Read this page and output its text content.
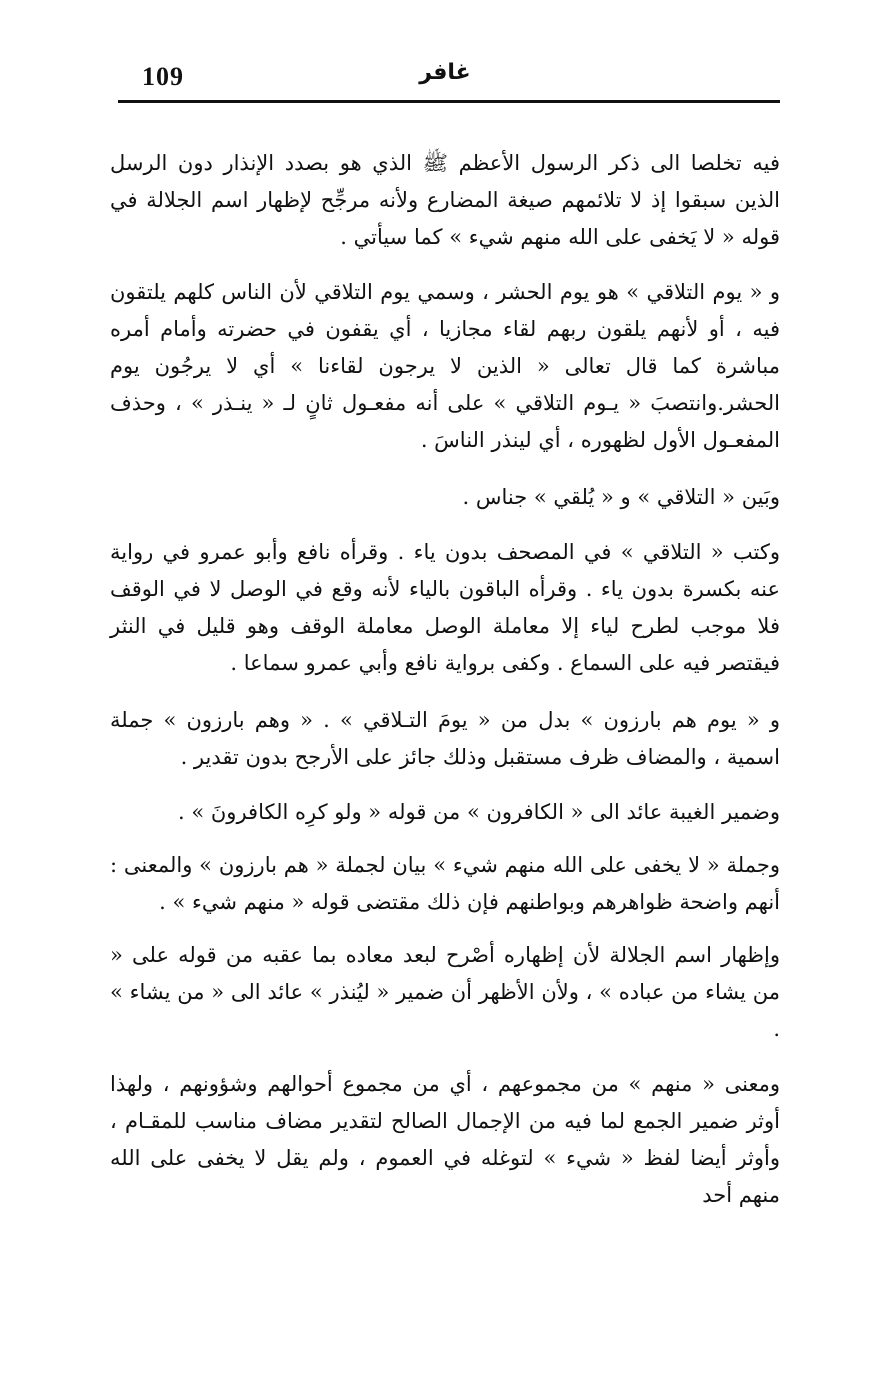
109	غافر

فيه تخلصا الى ذكر الرسول الأعظم ﷺ الذي هو بصدد الإنذار دون الرسل الذين سبقوا إذ لا تلائمهم صيغة المضارع ولأنه مرجِّح لإظهار اسم الجلالة في قوله « لا يَخفى على الله منهم شيء » كما سيأتي .

و « يوم التلاقي » هو يوم الحشر ، وسمي يوم التلاقي لأن الناس كلهم يلتقون فيه ، أو لأنهم يلقون ربهم لقاء مجازيا ، أي يقفون في حضرته وأمام أمره مباشرة كما قال تعالى « الذين لا يرجون لقاءنا » أي لا يرجُون يوم الحشر.وانتصبَ « يـوم التلاقي » على أنه مفعـول ثانٍ لـ « ينـذر » ، وحذف المفعـول الأول لظهوره ، أي لينذر الناسَ .

وبَين « التلاقي » و « يُلقي » جناس .

وكتب « التلاقي » في المصحف بدون ياء . وقرأه نافع وأبو عمرو في رواية عنه بكسرة بدون ياء . وقرأه الباقون بالياء لأنه وقع في الوصل لا في الوقف فلا موجب لطرح لياء إلا معاملة الوصل معاملة الوقف وهو قليل في النثر فيقتصر فيه على السماع . وكفى برواية نافع وأبي عمرو سماعا .

و « يوم هم بارزون » بدل من « يومَ التـلاقي » . « وهم بارزون » جملة اسمية ، والمضاف ظرف مستقبل وذلك جائز على الأرجح بدون تقدير .

وضمير الغيبة عائد الى « الكافرون » من قوله « ولو كرِه الكافرونَ » .

وجملة « لا يخفى على الله منهم شيء » بيان لجملة « هم بارزون » والمعنى : أنهم واضحة ظواهرهم وبواطنهم فإن ذلك مقتضى قوله « منهم شيء » .

وإظهار اسم الجلالة لأن إظهاره أصْرح لبعد معاده بما عقبه من قوله على « من يشاء من عباده » ، ولأن الأظهر أن ضمير « ليُنذر » عائد الى « من يشاء » .

ومعنى « منهم » من مجموعهم ، أي من مجموع أحوالهم وشؤونهم ، ولهذا أوثر ضمير الجمع لما فيه من الإجمال الصالح لتقدير مضاف مناسب للمقـام ، وأوثر أيضا لفظ « شيء » لتوغله في العموم ، ولم يقل لا يخفى على الله منهم أحد
